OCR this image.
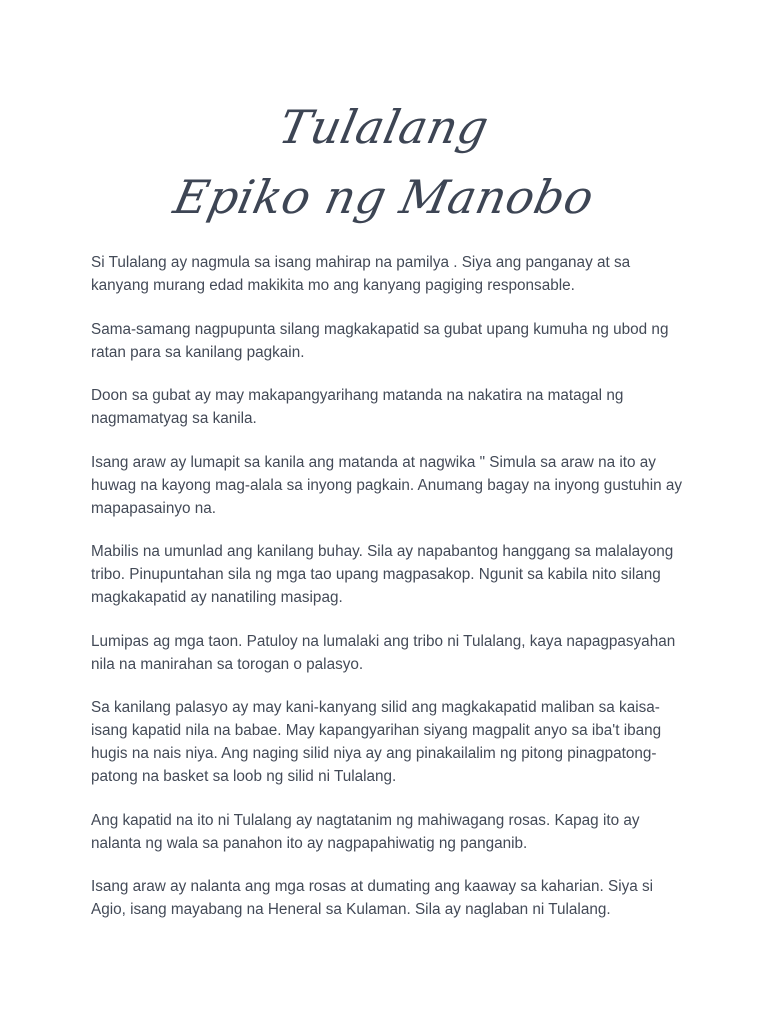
Tulalang
Epiko ng Manobo

Si Tulalang ay nagmula sa isang mahirap na pamilya . Siya ang panganay at sa kanyang murang edad makikita mo ang kanyang pagiging responsable.

Sama-samang nagpupunta silang magkakapatid sa gubat upang kumuha ng ubod ng ratan para sa kanilang pagkain.

Doon sa gubat ay may makapangyarihang matanda na nakatira na matagal ng nagmamatyag sa kanila.

Isang araw ay lumapit sa kanila ang matanda at nagwika " Simula sa araw na ito ay huwag na kayong mag-alala sa inyong pagkain. Anumang bagay na inyong gustuhin ay mapapasainyo na.

Mabilis na umunlad ang kanilang buhay. Sila ay napabantog hanggang sa malalayong tribo. Pinupuntahan sila ng mga tao upang magpasakop. Ngunit sa kabila nito silang magkakapatid ay nanatiling masipag.

Lumipas ag mga taon. Patuloy na lumalaki ang tribo ni Tulalang, kaya napagpasyahan nila na manirahan sa torogan o palasyo.

Sa kanilang palasyo ay may kani-kanyang silid ang magkakapatid maliban sa kaisa-isang kapatid nila na babae. May kapangyarihan siyang magpalit anyo sa iba't ibang hugis na nais niya. Ang naging silid niya ay ang pinakailalim ng pitong pinagpatong-patong na basket sa loob ng silid ni Tulalang.

Ang kapatid na ito ni Tulalang ay nagtatanim ng mahiwagang rosas. Kapag ito ay nalanta ng wala sa panahon ito ay nagpapahiwatig ng panganib.

Isang araw ay nalanta ang mga rosas at dumating ang kaaway sa kaharian. Siya si Agio, isang mayabang na Heneral sa Kulaman. Sila ay naglaban ni Tulalang.
